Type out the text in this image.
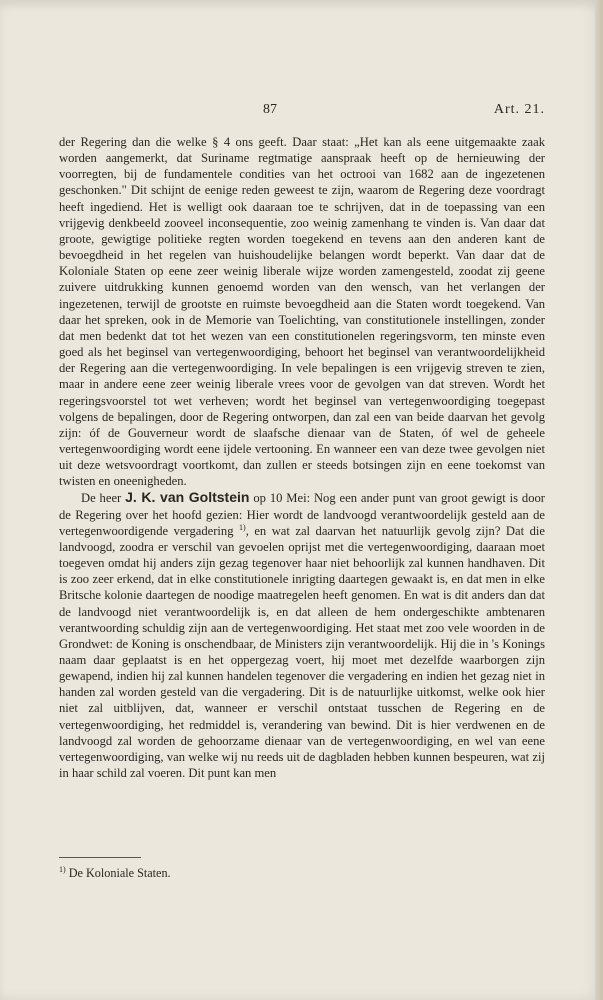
87	Art. 21.

der Regering dan die welke § 4 ons geeft. Daar staat: „Het kan als eene uitgemaakte zaak worden aangemerkt, dat Suriname regtmatige aanspraak heeft op de hernieuwing der voorregten, bij de fundamentele condities van het octrooi van 1682 aan de ingezetenen geschonken." Dit schijnt de eenige reden geweest te zijn, waarom de Regering deze voordragt heeft ingediend. Het is welligt ook daaraan toe te schrijven, dat in de toepassing van een vrijgevig denkbeeld zooveel inconsequentie, zoo weinig zamenhang te vinden is. Van daar dat groote, gewigtige politieke regten worden toegekend en tevens aan den anderen kant de bevoegdheid in het regelen van huishoudelijke belangen wordt beperkt. Van daar dat de Koloniale Staten op eene zeer weinig liberale wijze worden zamengesteld, zoodat zij geene zuivere uitdrukking kunnen genoemd worden van den wensch, van het verlangen der ingezetenen, terwijl de grootste en ruimste bevoegdheid aan die Staten wordt toegekend. Van daar het spreken, ook in de Memorie van Toelichting, van constitutionele instellingen, zonder dat men bedenkt dat tot het wezen van een constitutionelen regeringsvorm, ten minste even goed als het beginsel van vertegenwoordiging, behoort het beginsel van verantwoordelijkheid der Regering aan die vertegenwoordiging. In vele bepalingen is een vrijgevig streven te zien, maar in andere eene zeer weinig liberale vrees voor de gevolgen van dat streven. Wordt het regeringsvoorstel tot wet verheven; wordt het beginsel van vertegenwoordiging toegepast volgens de bepalingen, door de Regering ontworpen, dan zal een van beide daarvan het gevolg zijn: óf de Gouverneur wordt de slaafsche dienaar van de Staten, óf wel de geheele vertegenwoordiging wordt eene ijdele vertooning. En wanneer een van deze twee gevolgen niet uit deze wetsvoordragt voortkomt, dan zullen er steeds botsingen zijn en eene toekomst van twisten en oneenigheden.

De heer J. K. van Goltstein op 10 Mei: Nog een ander punt van groot gewigt is door de Regering over het hoofd gezien: Hier wordt de landvoogd verantwoordelijk gesteld aan de vertegenwoordigende vergadering $^{1)}$, en wat zal daarvan het natuurlijk gevolg zijn? Dat die landvoogd, zoodra er verschil van gevoelen oprijst met die vertegenwoordiging, daaraan moet toegeven omdat hij anders zijn gezag tegenover haar niet behoorlijk zal kunnen handhaven. Dit is zoo zeer erkend, dat in elke constitutionele inrigting daartegen gewaakt is, en dat men in elke Britsche kolonie daartegen de noodige maatregelen heeft genomen. En wat is dit anders dan dat de landvoogd niet verantwoordelijk is, en dat alleen de hem ondergeschikte ambtenaren verantwoording schuldig zijn aan de vertegenwoordiging. Het staat met zoo vele woorden in de Grondwet: de Koning is onschendbaar, de Ministers zijn verantwoordelijk. Hij die in 's Konings naam daar geplaatst is en het oppergezag voert, hij moet met dezelfde waarborgen zijn gewapend, indien hij zal kunnen handelen tegenover die vergadering en indien het gezag niet in handen zal worden gesteld van die vergadering. Dit is de natuurlijke uitkomst, welke ook hier niet zal uitblijven, dat, wanneer er verschil ontstaat tusschen de Regering en de vertegenwoordiging, het redmiddel is, verandering van bewind. Dit is hier verdwenen en de landvoogd zal worden de gehoorzame dienaar van de vertegenwoordiging, en wel van eene vertegenwoordiging, van welke wij nu reeds uit de dagbladen hebben kunnen bespeuren, wat zij in haar schild zal voeren. Dit punt kan men

$^{1)}$ De Koloniale Staten.
